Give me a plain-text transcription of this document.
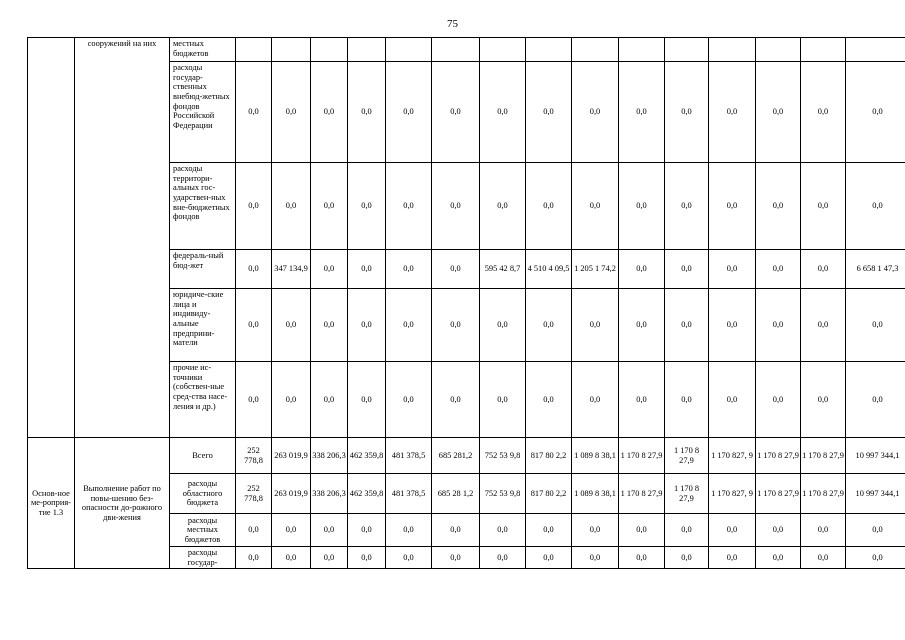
75
	сооружений на них	местных бюджетов															
		расходы государ-ственных внебюд-жетных фондов Российской Федерации	0,0	0,0	0,0	0,0	0,0	0,0	0,0	0,0	0,0	0,0	0,0	0,0	0,0	0,0	0,0
		расходы территори-альных гос-ударствен-ных вне-бюджетных фондов	0,0	0,0	0,0	0,0	0,0	0,0	0,0	0,0	0,0	0,0	0,0	0,0	0,0	0,0	0,0
		федераль-ный бюд-жет	0,0	347 134,9	0,0	0,0	0,0	0,0	595 42 8,7	4 510 4 09,5	1 205 1 74,2	0,0	0,0	0,0	0,0	0,0	6 658 1 47,3
		юридиче-ские лица и индивиду-альные предприни-матели	0,0	0,0	0,0	0,0	0,0	0,0	0,0	0,0	0,0	0,0	0,0	0,0	0,0	0,0	0,0
		прочие ис-точники (собствен-ные сред-ства насе-ления и др.)	0,0	0,0	0,0	0,0	0,0	0,0	0,0	0,0	0,0	0,0	0,0	0,0	0,0	0,0	0,0
Основ-ное ме-роприя-тие 1.3	Выполнение работ по повы-шению без-опасности до-рожного дви-жения	Всего	252 778,8	263 019,9	338 206,3	462 359,8	481 378,5	685 281,2	752 53 9,8	817 80 2,2	1 089 8 38,1	1 170 8 27,9	1 170 8 27,9	1 170 827, 9	1 170 8 27,9	1 170 8 27,9	10 997 344,1
		расходы областного бюджета	252 778,8	263 019,9	338 206,3	462 359,8	481 378,5	685 28 1,2	752 53 9,8	817 80 2,2	1 089 8 38,1	1 170 8 27,9	1 170 8 27,9	1 170 827, 9	1 170 8 27,9	1 170 8 27,9	10 997 344,1
		расходы местных бюджетов	0,0	0,0	0,0	0,0	0,0	0,0	0,0	0,0	0,0	0,0	0,0	0,0	0,0	0,0	0,0
		расходы государ-	0,0	0,0	0,0	0,0	0,0	0,0	0,0	0,0	0,0	0,0	0,0	0,0	0,0	0,0	0,0
